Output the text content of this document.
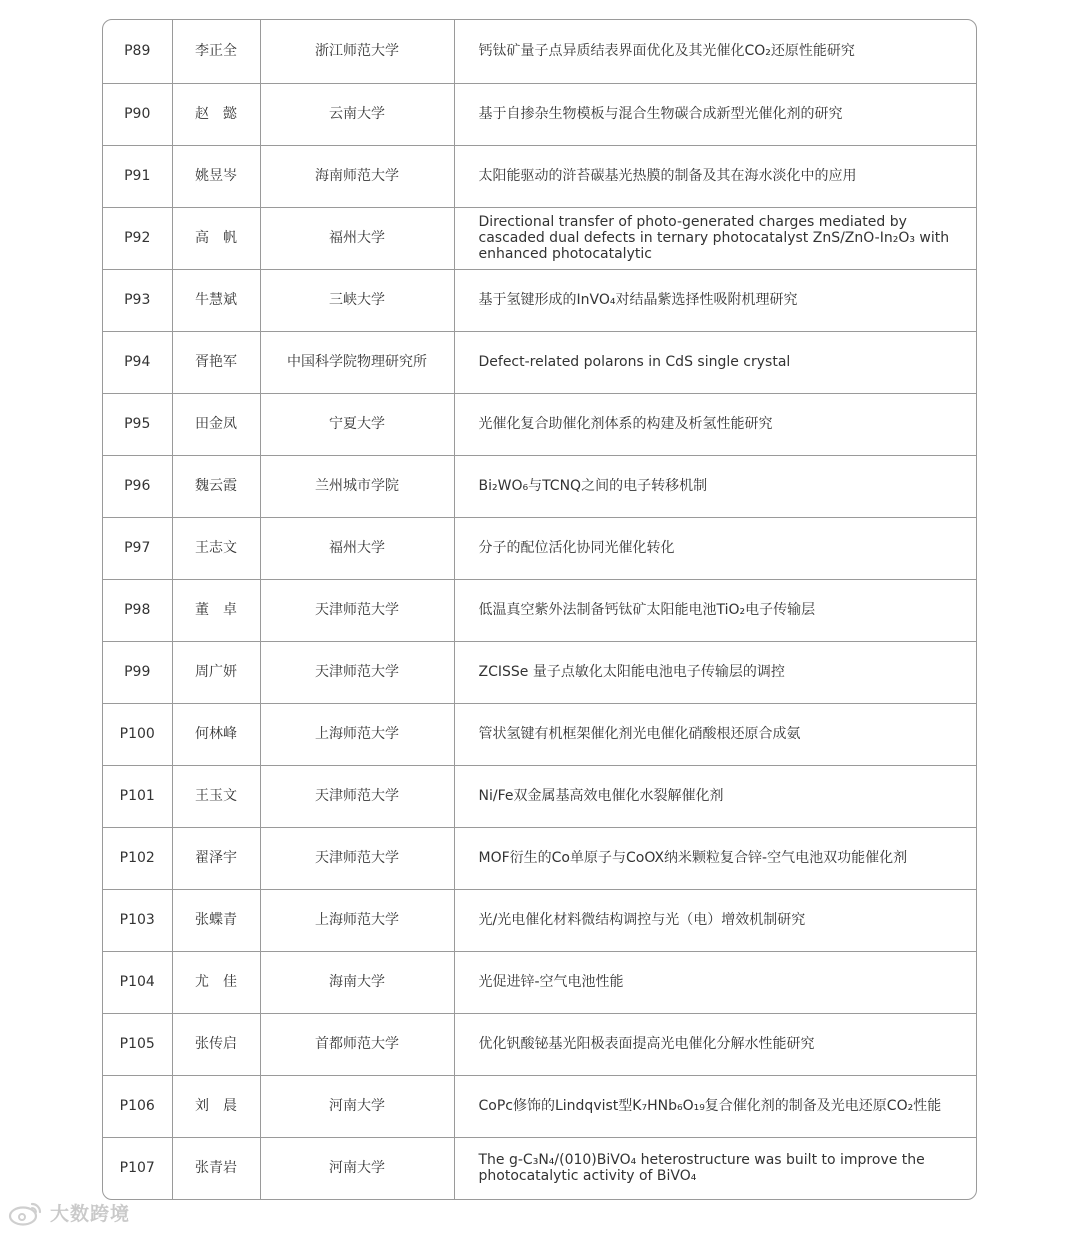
P89	李正全	浙江师范大学	钙钛矿量子点异质结表界面优化及其光催化CO₂还原性能研究
P90	赵　懿	云南大学	基于自掺杂生物模板与混合生物碳合成新型光催化剂的研究
P91	姚昱岑	海南师范大学	太阳能驱动的浒苔碳基光热膜的制备及其在海水淡化中的应用
P92	高　帆	福州大学	Directional transfer of photo-generated charges mediated by cascaded dual defects in ternary photocatalyst ZnS/ZnO-In₂O₃ with enhanced photocatalytic
P93	牛慧斌	三峡大学	基于氢键形成的InVO₄对结晶紫选择性吸附机理研究
P94	胥艳军	中国科学院物理研究所	Defect-related polarons in CdS single crystal
P95	田金凤	宁夏大学	光催化复合助催化剂体系的构建及析氢性能研究
P96	魏云霞	兰州城市学院	Bi₂WO₆与TCNQ之间的电子转移机制
P97	王志文	福州大学	分子的配位活化协同光催化转化
P98	董　卓	天津师范大学	低温真空紫外法制备钙钛矿太阳能电池TiO₂电子传输层
P99	周广妍	天津师范大学	ZCISSe 量子点敏化太阳能电池电子传输层的调控
P100	何林峰	上海师范大学	管状氢键有机框架催化剂光电催化硝酸根还原合成氨
P101	王玉文	天津师范大学	Ni/Fe双金属基高效电催化水裂解催化剂
P102	翟泽宇	天津师范大学	MOF衍生的Co单原子与CoOX纳米颗粒复合锌-空气电池双功能催化剂
P103	张蝶青	上海师范大学	光/光电催化材料微结构调控与光（电）增效机制研究
P104	尤　佳	海南大学	光促进锌-空气电池性能
P105	张传启	首都师范大学	优化钒酸铋基光阳极表面提高光电催化分解水性能研究
P106	刘　晨	河南大学	CoPc修饰的Lindqvist型K₇HNb₆O₁₉复合催化剂的制备及光电还原CO₂性能
P107	张青岩	河南大学	The g-C₃N₄/(010)BiVO₄ heterostructure was built to improve the photocatalytic activity of BiVO₄
大数跨境
